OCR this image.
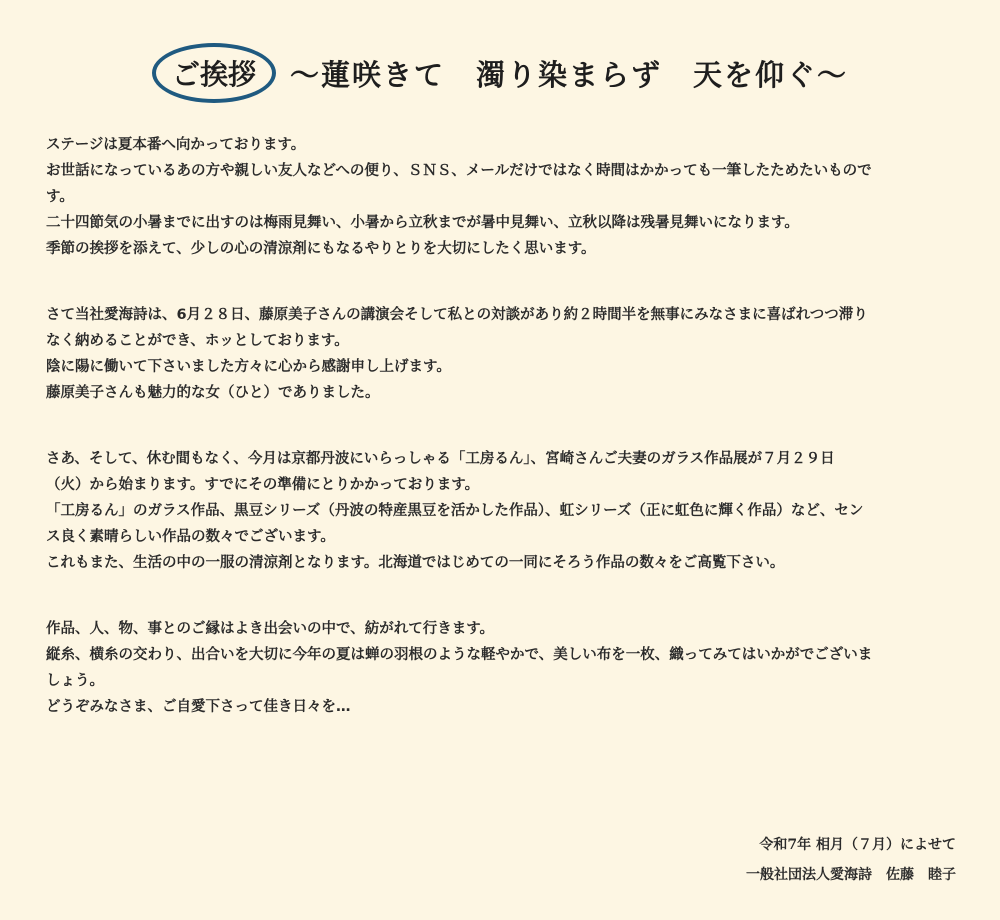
ご挨拶	～蓮咲きて　濁り染まらず　天を仰ぐ～

ステージは夏本番へ向かっております。

お世話になっているあの方や親しい友人などへの便り、ＳＮＳ、メールだけではなく時間はかかっても一筆したためたいもので

す。

二十四節気の小暑までに出すのは梅雨見舞い、小暑から立秋までが暑中見舞い、立秋以降は残暑見舞いになります。

季節の挨拶を添えて、少しの心の清涼剤にもなるやりとりを大切にしたく思います。

さて当社愛海詩は、6月２８日、藤原美子さんの講演会そして私との対談があり約２時間半を無事にみなさまに喜ばれつつ滞り

なく納めることができ、ホッとしております。

陰に陽に働いて下さいました方々に心から感謝申し上げます。

藤原美子さんも魅力的な女（ひと）でありました。

さあ、そして、休む間もなく、今月は京都丹波にいらっしゃる「工房るん」、宮崎さんご夫妻のガラス作品展が７月２９日

（火）から始まります。すでにその準備にとりかかっております。

「工房るん」のガラス作品、黒豆シリーズ（丹波の特産黒豆を活かした作品）、虹シリーズ（正に虹色に輝く作品）など、セン

ス良く素晴らしい作品の数々でございます。

これもまた、生活の中の一服の清涼剤となります。北海道ではじめての一同にそろう作品の数々をご高覧下さい。

作品、人、物、事とのご縁はよき出会いの中で、紡がれて行きます。

縦糸、横糸の交わり、出合いを大切に今年の夏は蝉の羽根のような軽やかで、美しい布を一枚、織ってみてはいかがでございま

しょう。

どうぞみなさま、ご自愛下さって佳き日々を…

令和7年 相月（７月）によせて
一般社団法人愛海詩　佐藤　睦子
